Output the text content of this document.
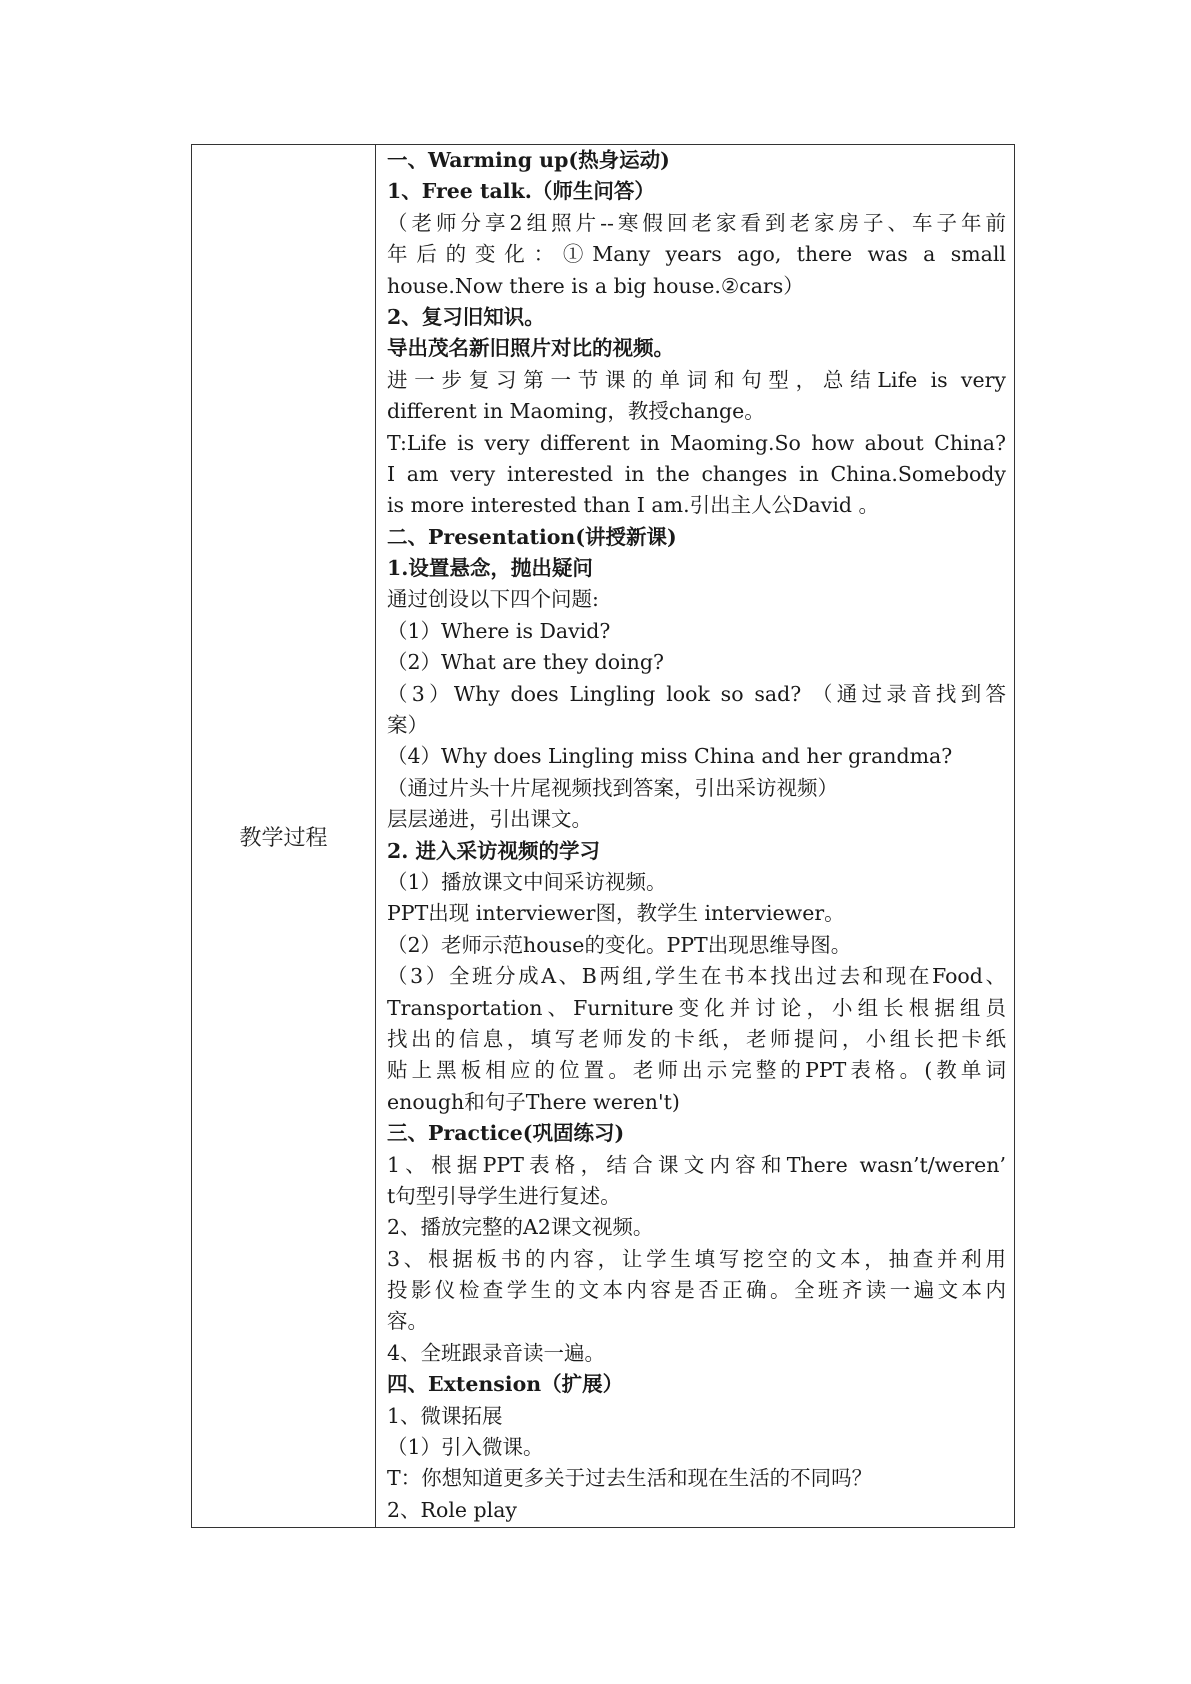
教学过程
一、Warming up(热身运动)
1、Free talk.（师生问答）
（老师分享2组照片--寒假回老家看到老家房子、车子年前
年后的变化：①Many years ago, there was a small
house.Now there is a big house.②cars）
2、复习旧知识。
导出茂名新旧照片对比的视频。
进一步复习第一节课的单词和句型，总结Life is very
different in Maoming，教授change。
T:Life is very different in Maoming.So how about China?
I am very interested in the changes in China.Somebody
is more interested than I am.引出主人公David 。
二、Presentation(讲授新课)
1.设置悬念，抛出疑问
通过创设以下四个问题:
（1）Where is David?
（2）What are they doing?
（3）Why does Lingling look so sad? （通过录音找到答
案）
（4）Why does Lingling miss China and her grandma?
（通过片头十片尾视频找到答案，引出采访视频）
层层递进，引出课文。
2. 进入采访视频的学习
（1）播放课文中间采访视频。
PPT出现 interviewer图，教学生 interviewer。
（2）老师示范house的变化。PPT出现思维导图。
（3）全班分成A、B两组,学生在书本找出过去和现在Food、
Transportation、Furniture变化并讨论，小组长根据组员
找出的信息，填写老师发的卡纸，老师提问，小组长把卡纸
贴上黑板相应的位置。老师出示完整的PPT表格。(教单词
enough和句子There weren't)
三、Practice(巩固练习)
1、根据PPT表格，结合课文内容和There wasn’t/weren’
t句型引导学生进行复述。
2、播放完整的A2课文视频。
3、根据板书的内容，让学生填写挖空的文本，抽查并利用
投影仪检查学生的文本内容是否正确。全班齐读一遍文本内
容。
4、全班跟录音读一遍。
四、Extension（扩展）
1、微课拓展
（1）引入微课。
T：你想知道更多关于过去生活和现在生活的不同吗？
2、Role play
